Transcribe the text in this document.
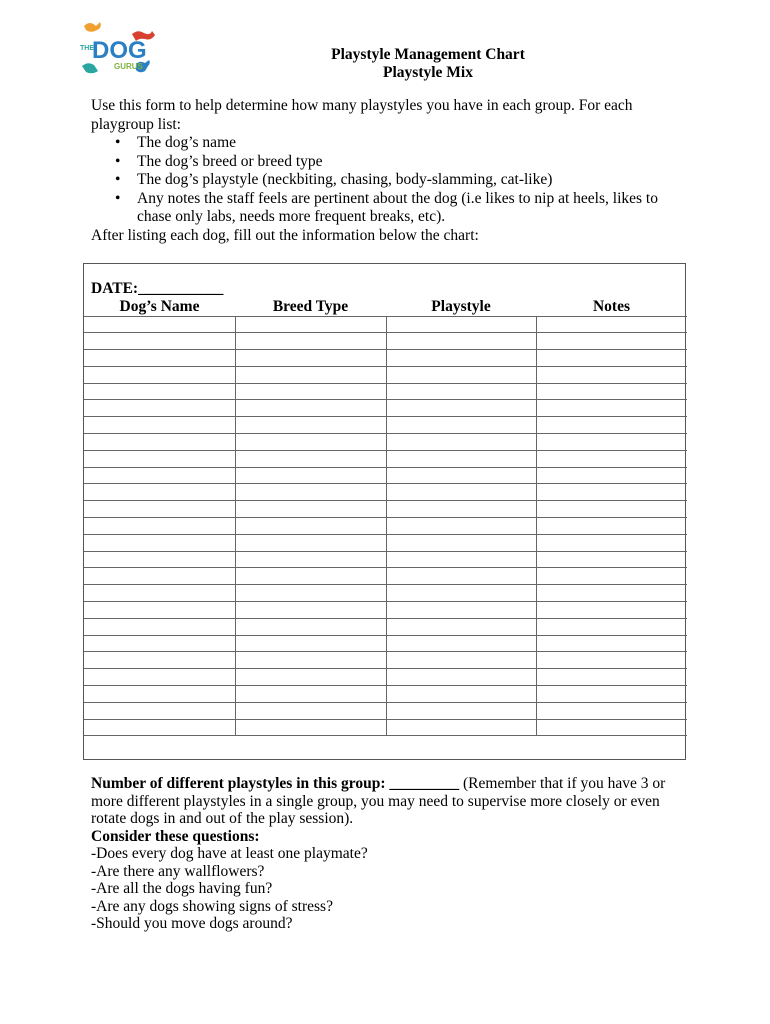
THE
DOG
GURUS
Playstyle Management Chart
Playstyle Mix

Use this form to help determine how many playstyles you have in each group. For each playgroup list:

• The dog’s name
• The dog’s breed or breed type
• The dog’s playstyle (neckbiting, chasing, body-slamming, cat-like)
• Any notes the staff feels are pertinent about the dog (i.e likes to nip at heels, likes to chase only labs, needs more frequent breaks, etc).

After listing each dog, fill out the information below the chart:

DATE:___________
Dog’s Name	Breed Type	Playstyle	Notes

Number of different playstyles in this group: _________ (Remember that if you have 3 or more different playstyles in a single group, you may need to supervise more closely or even rotate dogs in and out of the play session).

Consider these questions:

-Does every dog have at least one playmate?

-Are there any wallflowers?

-Are all the dogs having fun?

-Are any dogs showing signs of stress?

-Should you move dogs around?
